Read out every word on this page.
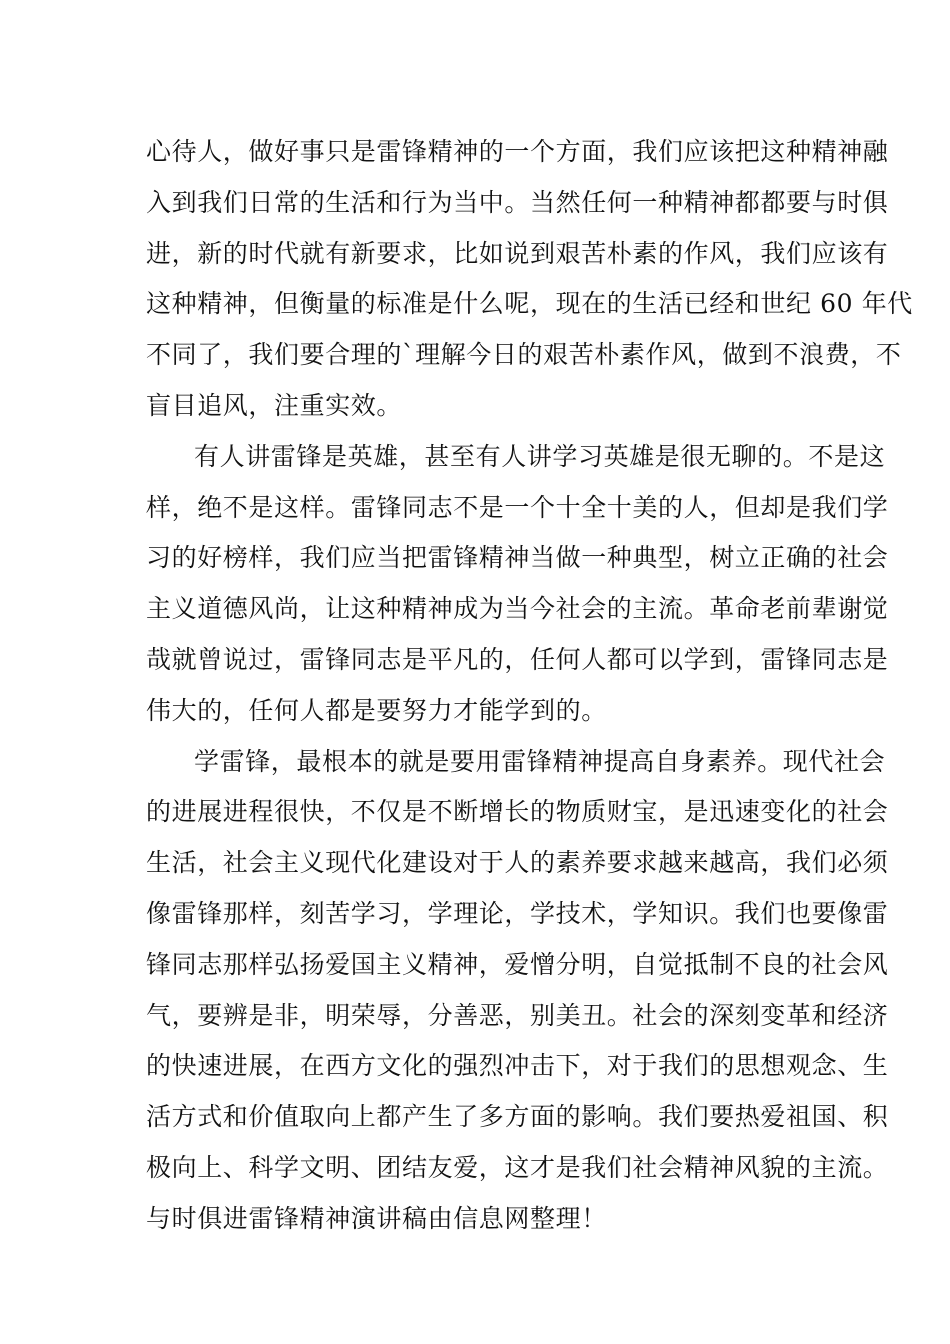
心待人，做好事只是雷锋精神的一个方面，我们应该把这种精神融
入到我们日常的生活和行为当中。当然任何一种精神都都要与时俱
进，新的时代就有新要求，比如说到艰苦朴素的作风，我们应该有
这种精神，但衡量的标准是什么呢，现在的生活已经和世纪 60 年代
不同了，我们要合理的`理解今日的艰苦朴素作风，做到不浪费，不
盲目追风，注重实效。
有人讲雷锋是英雄，甚至有人讲学习英雄是很无聊的。不是这
样，绝不是这样。雷锋同志不是一个十全十美的人，但却是我们学
习的好榜样，我们应当把雷锋精神当做一种典型，树立正确的社会
主义道德风尚，让这种精神成为当今社会的主流。革命老前辈谢觉
哉就曾说过，雷锋同志是平凡的，任何人都可以学到，雷锋同志是
伟大的，任何人都是要努力才能学到的。
学雷锋，最根本的就是要用雷锋精神提高自身素养。现代社会
的进展进程很快，不仅是不断增长的物质财宝，是迅速变化的社会
生活，社会主义现代化建设对于人的素养要求越来越高，我们必须
像雷锋那样，刻苦学习，学理论，学技术，学知识。我们也要像雷
锋同志那样弘扬爱国主义精神，爱憎分明，自觉抵制不良的社会风
气，要辨是非，明荣辱，分善恶，别美丑。社会的深刻变革和经济
的快速进展，在西方文化的强烈冲击下，对于我们的思想观念、生
活方式和价值取向上都产生了多方面的影响。我们要热爱祖国、积
极向上、科学文明、团结友爱，这才是我们社会精神风貌的主流。
与时俱进雷锋精神演讲稿由信息网整理！
